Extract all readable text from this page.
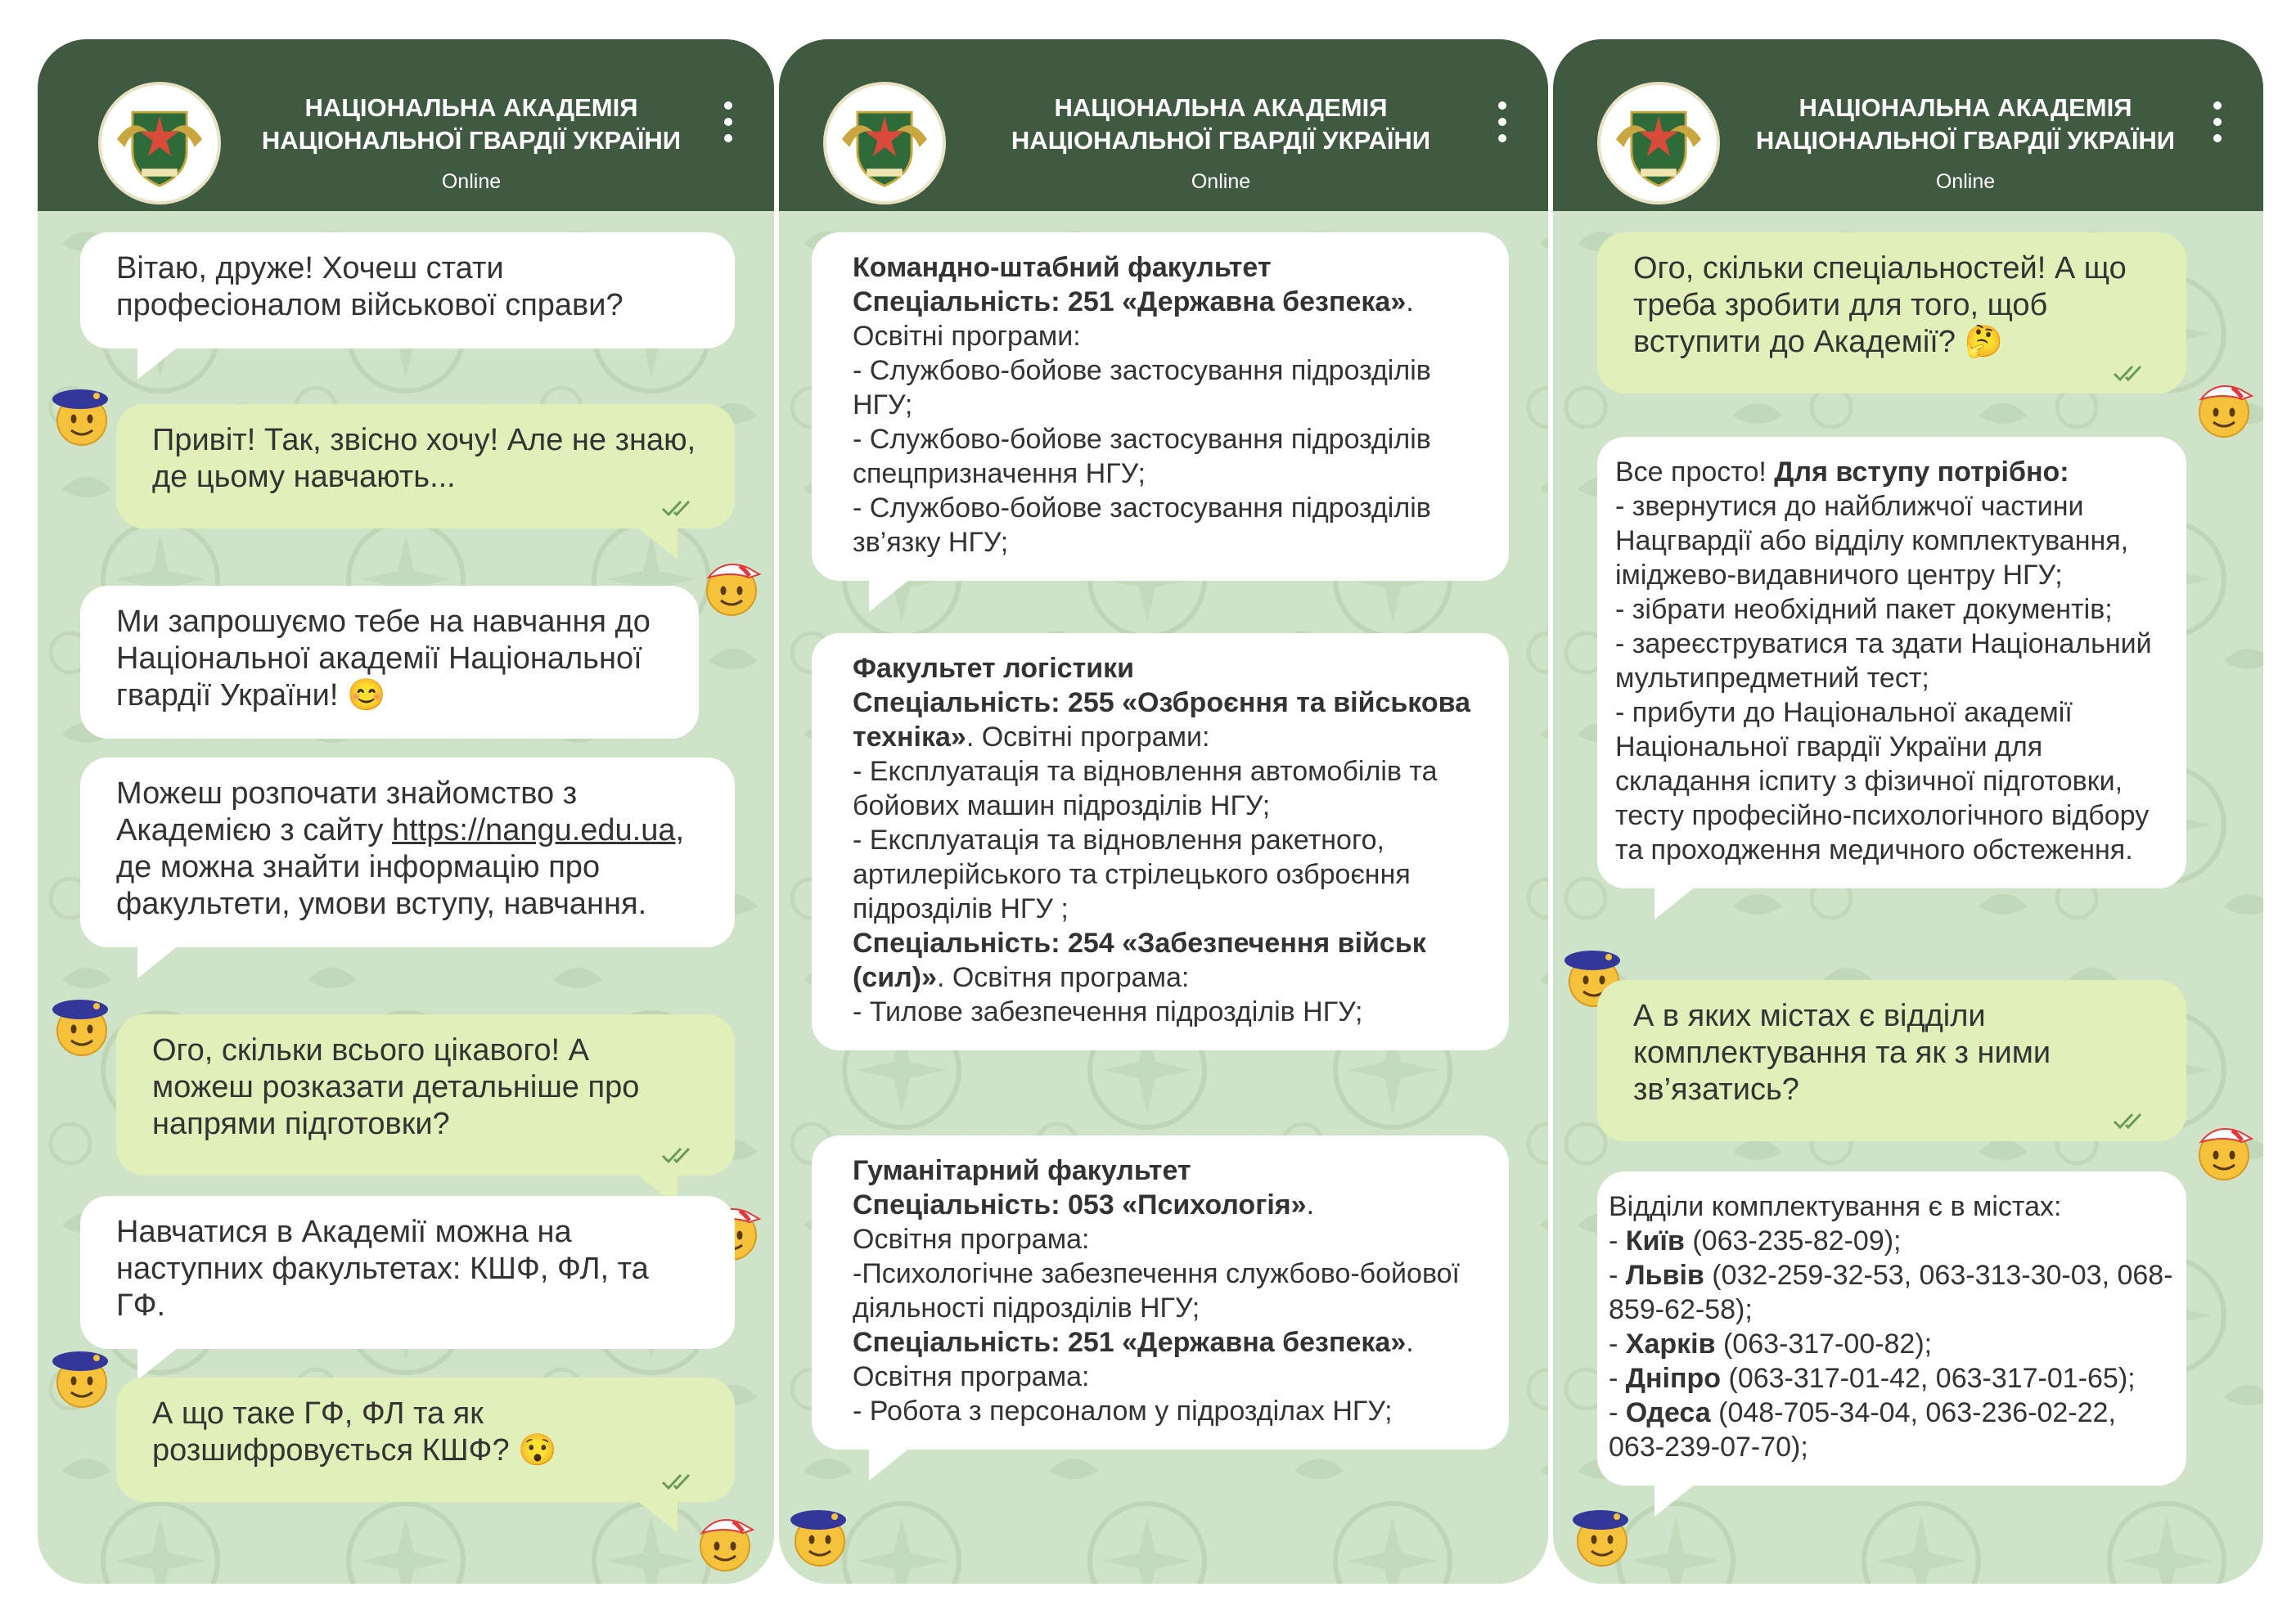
НАЦІОНАЛЬНА АКАДЕМІЯ
НАЦІОНАЛЬНОЇ ГВАРДІЇ УКРАЇНИ
Online
Вітаю, друже! Хочеш стати професіоналом військової справи?
Привіт! Так, звісно хочу! Але не знаю, де цьому навчають...
Ми запрошуємо тебе на навчання до Національної академії Національної гвардії України! 😊
Можеш розпочати знайомство з Академією з сайту https://nangu.edu.ua, де можна знайти інформацію про факультети, умови вступу, навчання.
Ого, скільки всього цікавого! А можеш розказати детальніше про напрями підготовки?
Навчатися в Академії можна на наступних факультетах: КШФ, ФЛ, та ГФ.
А що таке ГФ, ФЛ та як розшифровується КШФ? 😯
НАЦІОНАЛЬНА АКАДЕМІЯ
НАЦІОНАЛЬНОЇ ГВАРДІЇ УКРАЇНИ
Online
Командно-штабний факультет
Спеціальність: 251 «Державна безпека». Освітні програми:
- Службово-бойове застосування підрозділів НГУ;
- Службово-бойове застосування підрозділів спецпризначення НГУ;
- Службово-бойове застосування підрозділів зв’язку НГУ;
Факультет логістики
Спеціальність: 255 «Озброєння та військова техніка». Освітні програми:
- Експлуатація та відновлення автомобілів та бойових машин підрозділів НГУ;
- Експлуатація та відновлення ракетного, артилерійського та стрілецького озброєння підрозділів НГУ ;
Спеціальність: 254 «Забезпечення військ (сил)». Освітня програма:
- Тилове забезпечення підрозділів НГУ;
Гуманітарний факультет
Спеціальність: 053 «Психологія».
Освітня програма:
-Психологічне забезпечення службово-бойової діяльності підрозділів НГУ;
Спеціальність: 251 «Державна безпека». Освітня програма:
- Робота з персоналом у підрозділах НГУ;
НАЦІОНАЛЬНА АКАДЕМІЯ
НАЦІОНАЛЬНОЇ ГВАРДІЇ УКРАЇНИ
Online
Ого, скільки спеціальностей! А що треба зробити для того, щоб вступити до Академії? 🤔
Все просто! Для вступу потрібно:
- звернутися до найближчої частини Нацгвардії або відділу комплектування, іміджево-видавничого центру НГУ;
- зібрати необхідний пакет документів;
- зареєструватися та здати Національний мультипредметний тест;
- прибути до Національної академії Національної гвардії України для складання іспиту з фізичної підготовки, тесту професійно-психологічного відбору та проходження медичного обстеження.
А в яких містах є відділи комплектування та як з ними зв’язатись?
Відділи комплектування є в містах:
- Київ (063-235-82-09);
- Львів (032-259-32-53, 063-313-30-03, 068-859-62-58);
- Харків (063-317-00-82);
- Дніпро (063-317-01-42, 063-317-01-65);
- Одеса (048-705-34-04, 063-236-02-22, 063-239-07-70);
